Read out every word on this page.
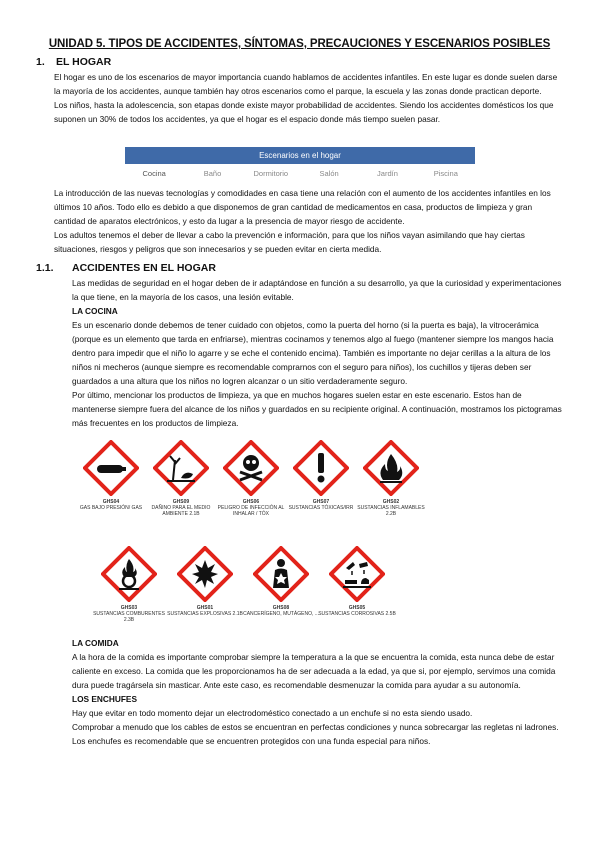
UNIDAD 5. TIPOS DE ACCIDENTES, SÍNTOMAS, PRECAUCIONES Y ESCENARIOS POSIBLES
1. EL HOGAR

El hogar es uno de los escenarios de mayor importancia cuando hablamos de accidentes infantiles. En este lugar es donde suelen darse la mayoría de los accidentes, aunque también hay otros escenarios como el parque, la escuela y las zonas donde practican deporte.

Los niños, hasta la adolescencia, son etapas donde existe mayor probabilidad de accidentes. Siendo los accidentes domésticos los que suponen un 30% de todos los accidentes, ya que el hogar es el espacio donde más tiempo suelen pasar.

Escenarios en el hogar
Cocina	Baño	Dormitorio	Salón	Jardín	Piscina

La introducción de las nuevas tecnologías y comodidades en casa tiene una relación con el aumento de los accidentes infantiles en los últimos 10 años. Todo ello es debido a que disponemos de gran cantidad de medicamentos en casa, productos de limpieza y gran cantidad de aparatos electrónicos, y esto da lugar a la presencia de mayor riesgo de accidente.

Los adultos tenemos el deber de llevar a cabo la prevención e información, para que los niños vayan asimilando que hay ciertas situaciones, riesgos y peligros que son innecesarios y se pueden evitar en cierta medida.

1.1. ACCIDENTES EN EL HOGAR

Las medidas de seguridad en el hogar deben de ir adaptándose en función a su desarrollo, ya que la curiosidad y experimentaciones la que tiene, en la mayoría de los casos, una lesión evitable.

LA COCINA

Es un escenario donde debemos de tener cuidado con objetos, como la puerta del horno (si la puerta es baja), la vitrocerámica (porque es un elemento que tarda en enfriarse), mientras cocinamos y tenemos algo al fuego (mantener siempre los mangos hacia dentro para impedir que el niño lo agarre y se eche el contenido encima). También es importante no dejar cerillas a la altura de los niños ni mecheros (aunque siempre es recomendable comprarnos con el seguro para niños), los cuchillos y tijeras deben ser guardados a una altura que los niños no logren alcanzar o un sitio verdaderamente seguro.

Por último, mencionar los productos de limpieza, ya que en muchos hogares suelen estar en este escenario. Estos han de mantenerse siempre fuera del alcance de los niños y guardados en su recipiente original. A continuación, mostramos los pictogramas más frecuentes en los productos de limpieza.

GHS04
GAS BAJO PRESIÓN/ GAS
GHS09
DAÑINO PARA EL MEDIO AMBIENTE 2.1B
GHS06
PELIGRO DE INFECCIÓN AL INHALAR / TÓX
GHS07
SUSTANCIAS TÓXICAS/IRR
GHS02
SUSTANCIAS INFLAMABLES 2.2B
GHS03
SUSTANCIAS COMBURENTES 2.3B
GHS01
SUSTANCIAS EXPLOSIVAS 2.1B
GHS08
CANCERÍGENO, MUTÁGENO, ...
GHS05
SUSTANCIAS CORROSIVAS 2.5B

LA COMIDA

A la hora de la comida es importante comprobar siempre la temperatura a la que se encuentra la comida, esta nunca debe de estar caliente en exceso. La comida que les proporcionamos ha de ser adecuada a la edad, ya que si, por ejemplo, servimos una comida dura puede tragársela sin masticar. Ante este caso, es recomendable desmenuzar la comida para ayudar a su autonomía.

LOS ENCHUFES

Hay que evitar en todo momento dejar un electrodoméstico conectado a un enchufe si no esta siendo usado.

Comprobar a menudo que los cables de estos se encuentran en perfectas condiciones y nunca sobrecargar las regletas ni ladrones.

Los enchufes es recomendable que se encuentren protegidos con una funda especial para niños.
